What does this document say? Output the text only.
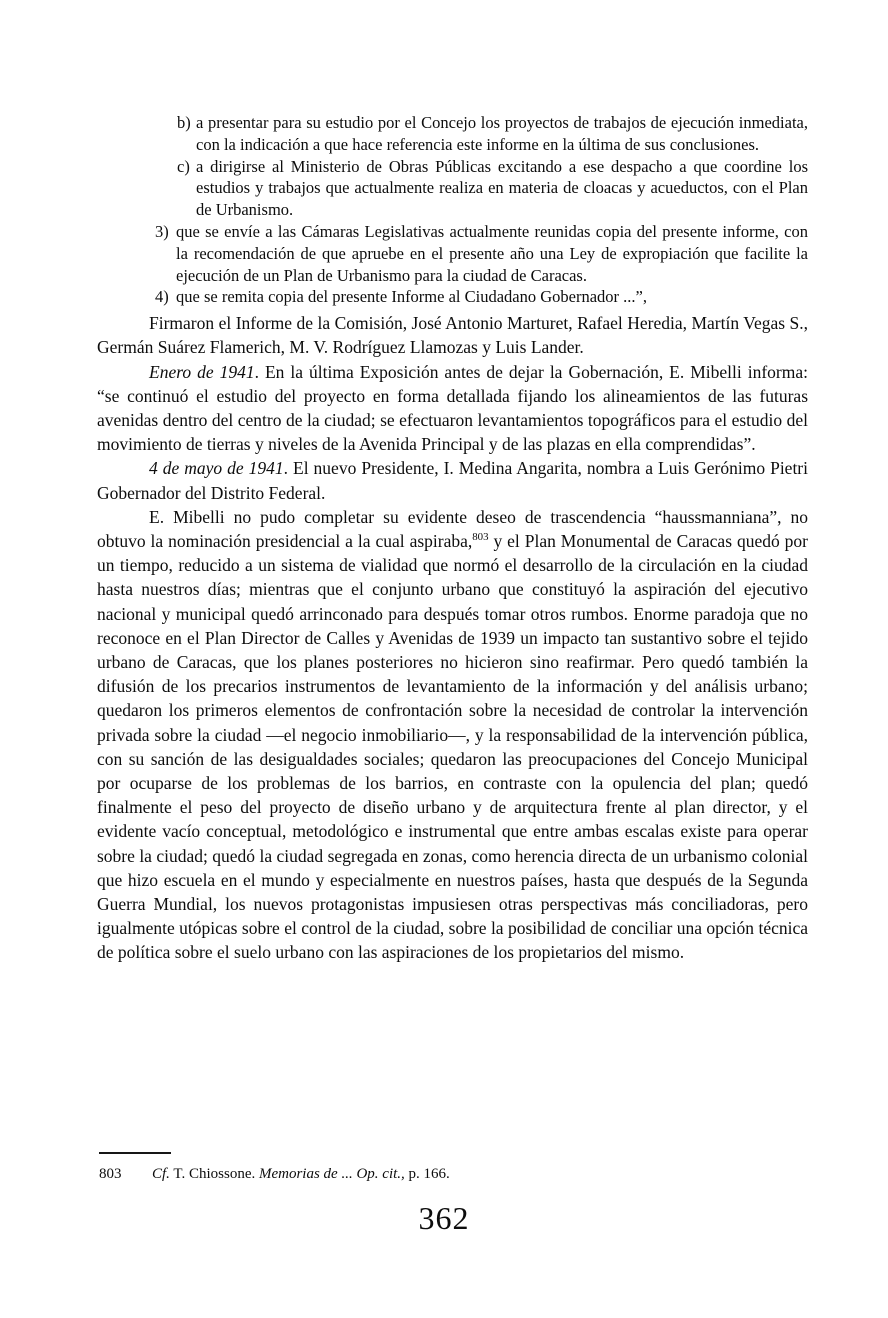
b) a presentar para su estudio por el Concejo los proyectos de trabajos de ejecución inmediata, con la indicación a que hace referencia este informe en la última de sus conclusiones.
c) a dirigirse al Ministerio de Obras Públicas excitando a ese despacho a que coordine los estudios y trabajos que actualmente realiza en materia de cloacas y acueductos, con el Plan de Urbanismo.
3) que se envíe a las Cámaras Legislativas actualmente reunidas copia del presente informe, con la recomendación de que apruebe en el presente año una Ley de expropiación que facilite la ejecución de un Plan de Urbanismo para la ciudad de Caracas.
4) que se remita copia del presente Informe al Ciudadano Gobernador ...”,

Firmaron el Informe de la Comisión, José Antonio Marturet, Rafael Heredia, Martín Vegas S., Germán Suárez Flamerich, M. V. Rodríguez Llamozas y Luis Lander.

Enero de 1941. En la última Exposición antes de dejar la Gobernación, E. Mibelli informa: “se continuó el estudio del proyecto en forma detallada fijando los alineamientos de las futuras avenidas dentro del centro de la ciudad; se efectuaron levantamientos topográficos para el estudio del movimiento de tierras y niveles de la Avenida Principal y de las plazas en ella comprendidas”.

4 de mayo de 1941. El nuevo Presidente, I. Medina Angarita, nombra a Luis Gerónimo Pietri Gobernador del Distrito Federal.

E. Mibelli no pudo completar su evidente deseo de trascendencia “haussmanniana”, no obtuvo la nominación presidencial a la cual aspiraba,$^{803}$ y el Plan Monumental de Caracas quedó por un tiempo, reducido a un sistema de vialidad que normó el desarrollo de la circulación en la ciudad hasta nuestros días; mientras que el conjunto urbano que constituyó la aspiración del ejecutivo nacional y municipal quedó arrinconado para después tomar otros rumbos. Enorme paradoja que no reconoce en el Plan Director de Calles y Avenidas de 1939 un impacto tan sustantivo sobre el tejido urbano de Caracas, que los planes posteriores no hicieron sino reafirmar. Pero quedó también la difusión de los precarios instrumentos de levantamiento de la información y del análisis urbano; quedaron los primeros elementos de confrontación sobre la necesidad de controlar la intervención privada sobre la ciudad —el negocio inmobiliario—, y la responsabilidad de la intervención pública, con su sanción de las desigualdades sociales; quedaron las preocupaciones del Concejo Municipal por ocuparse de los problemas de los barrios, en contraste con la opulencia del plan; quedó finalmente el peso del proyecto de diseño urbano y de arquitectura frente al plan director, y el evidente vacío conceptual, metodológico e instrumental que entre ambas escalas existe para operar sobre la ciudad; quedó la ciudad segregada en zonas, como herencia directa de un urbanismo colonial que hizo escuela en el mundo y especialmente en nuestros países, hasta que después de la Segunda Guerra Mundial, los nuevos protagonistas impusiesen otras perspectivas más conciliadoras, pero igualmente utópicas sobre el control de la ciudad, sobre la posibilidad de conciliar una opción técnica de política sobre el suelo urbano con las aspiraciones de los propietarios del mismo.

803 Cf. T. Chiossone. Memorias de ... Op. cit., p. 166.
362
